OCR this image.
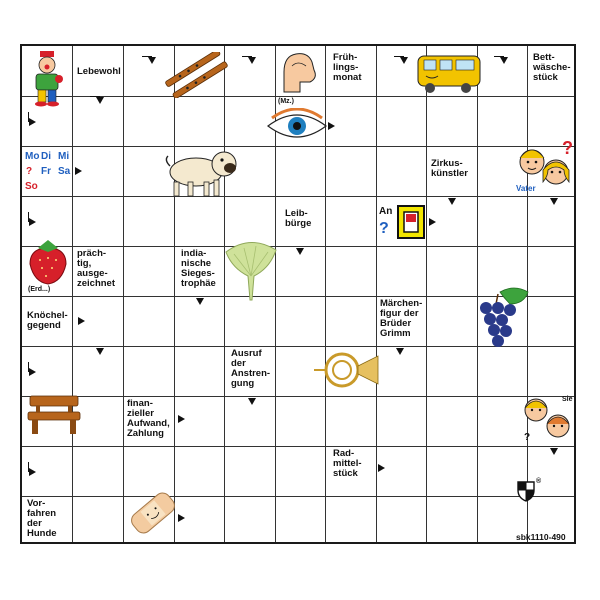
Lebewohl
(Mz.)
Früh-
lings-
monat
Bett-
wäsche-
stück
Mo Di Mi
? Fr Sa
So
Zirkus-
künstler
?
Vater
Leib-
bürge
An
?
(Erd...)
präch-
tig,
ausge-
zeichnet
india-
nische
Sieges-
trophäe
Knöchel-
gegend
Märchen-
figur der
Brüder
Grimm
Ausruf
der
Anstren-
gung
finan-
zieller
Aufwand,
Zahlung
Sie
?
Rad-
mittel-
stück
®
Vor-
fahren
der
Hunde	sbk1110-490
